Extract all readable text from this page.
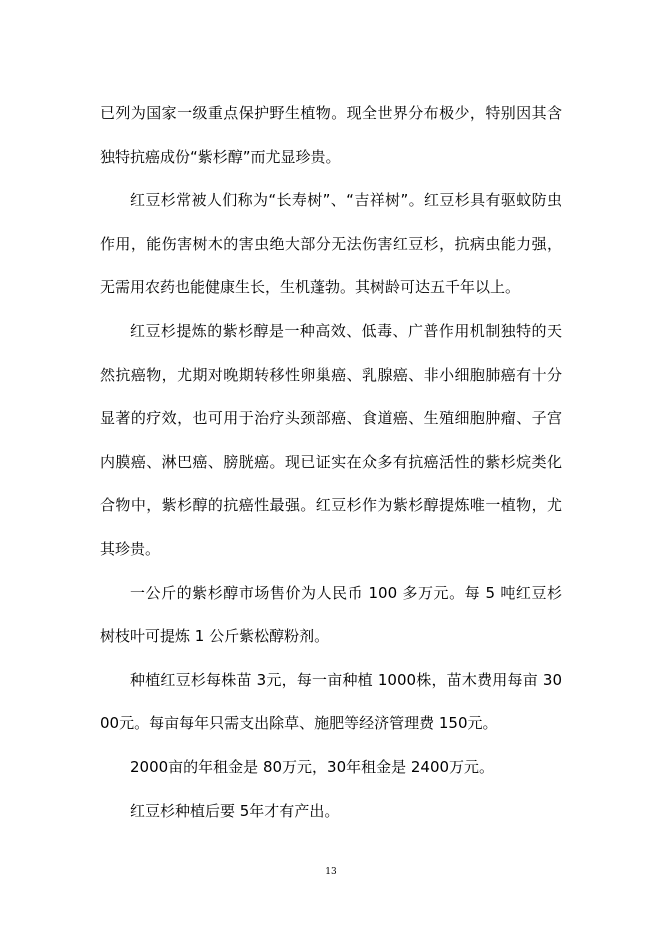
已列为国家一级重点保护野生植物。现全世界分布极少，特别因其含独特抗癌成份“紫杉醇”而尤显珍贵。

红豆杉常被人们称为“长寿树”、“吉祥树”。红豆杉具有驱蚊防虫作用，能伤害树木的害虫绝大部分无法伤害红豆杉，抗病虫能力强，无需用农药也能健康生长，生机蓬勃。其树龄可达五千年以上。

红豆杉提炼的紫杉醇是一种高效、低毒、广普作用机制独特的天然抗癌物，尤期对晚期转移性卵巢癌、乳腺癌、非小细胞肺癌有十分显著的疗效，也可用于治疗头颈部癌、食道癌、生殖细胞肿瘤、子宫内膜癌、淋巴癌、膀胱癌。现已证实在众多有抗癌活性的紫杉烷类化合物中，紫杉醇的抗癌性最强。红豆杉作为紫杉醇提炼唯一植物，尤其珍贵。

一公斤的紫杉醇市场售价为人民币 100 多万元。每 5 吨红豆杉树枝叶可提炼 1 公斤紫松醇粉剂。

种植红豆杉每株苗 3元，每一亩种植 1000株，苗木费用每亩 3000元。每亩每年只需支出除草、施肥等经济管理费 150元。

2000亩的年租金是 80万元，30年租金是 2400万元。

红豆杉种植后要 5年才有产出。

13
